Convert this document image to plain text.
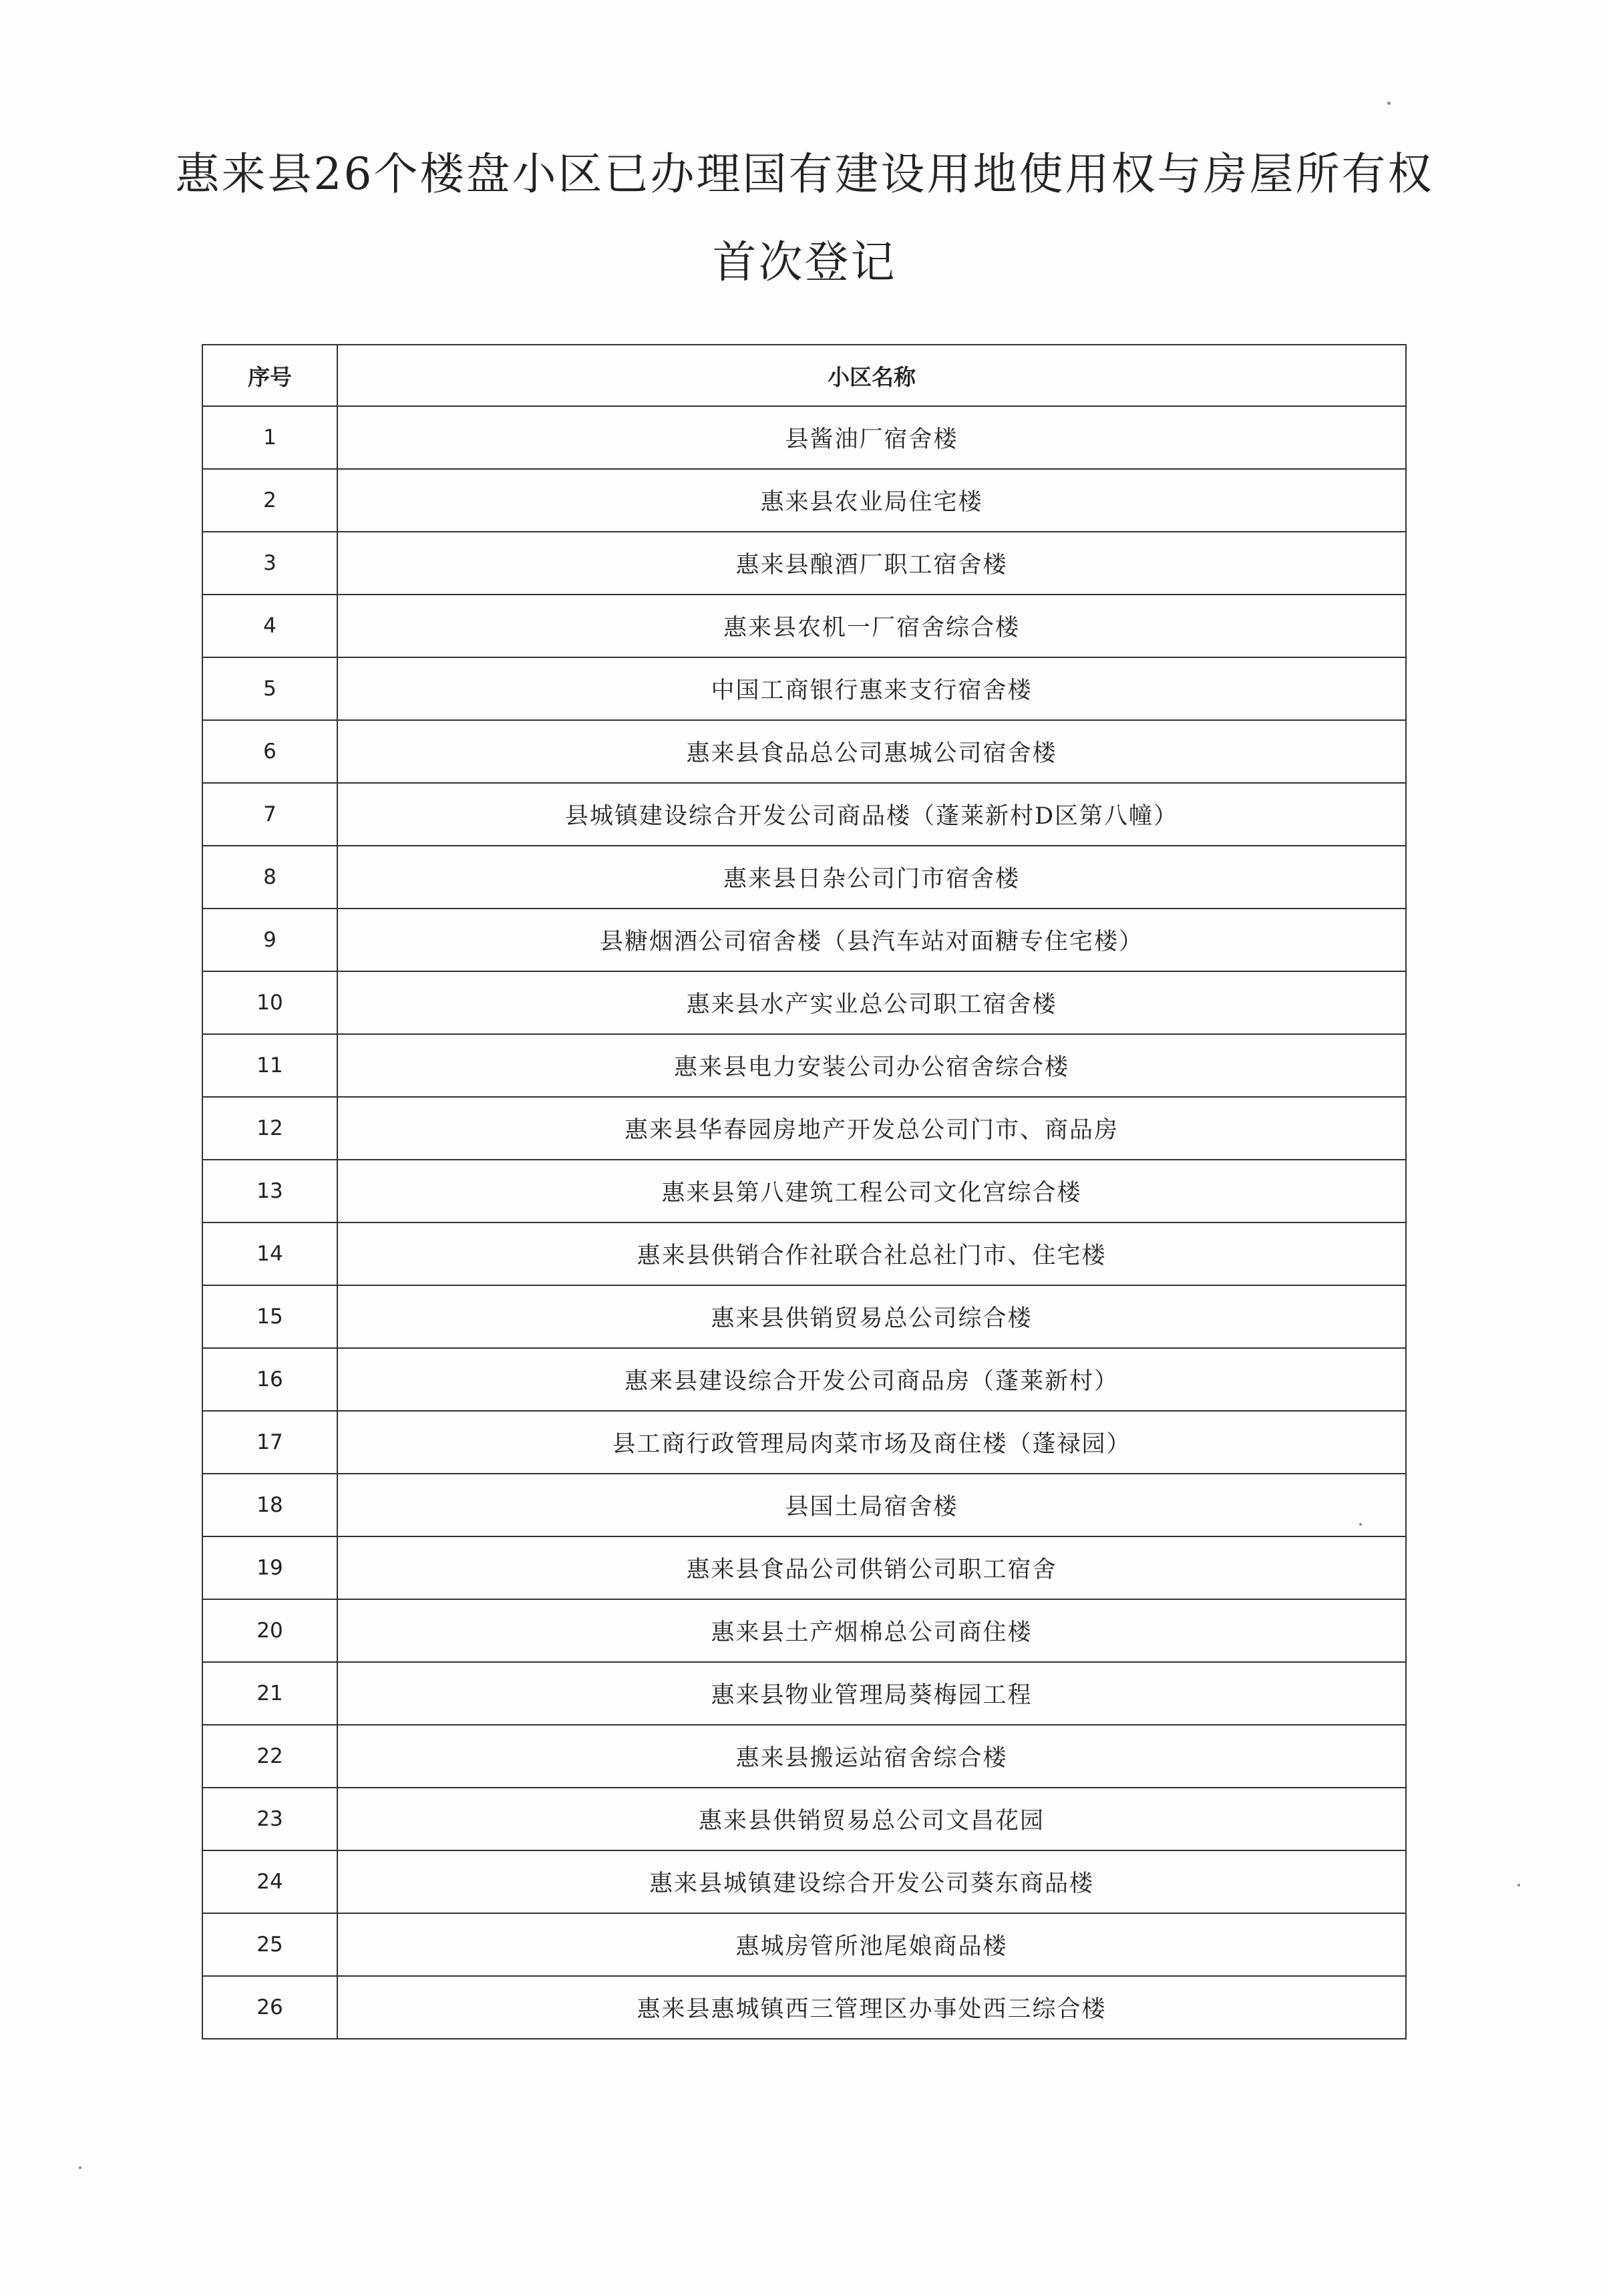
惠来县26个楼盘小区已办理国有建设用地使用权与房屋所有权
首次登记
序号	小区名称
1	县酱油厂宿舍楼
2	惠来县农业局住宅楼
3	惠来县酿酒厂职工宿舍楼
4	惠来县农机一厂宿舍综合楼
5	中国工商银行惠来支行宿舍楼
6	惠来县食品总公司惠城公司宿舍楼
7	县城镇建设综合开发公司商品楼（蓬莱新村D区第八幢）
8	惠来县日杂公司门市宿舍楼
9	县糖烟酒公司宿舍楼（县汽车站对面糖专住宅楼）
10	惠来县水产实业总公司职工宿舍楼
11	惠来县电力安装公司办公宿舍综合楼
12	惠来县华春园房地产开发总公司门市、商品房
13	惠来县第八建筑工程公司文化宫综合楼
14	惠来县供销合作社联合社总社门市、住宅楼
15	惠来县供销贸易总公司综合楼
16	惠来县建设综合开发公司商品房（蓬莱新村）
17	县工商行政管理局肉菜市场及商住楼（蓬禄园）
18	县国土局宿舍楼
19	惠来县食品公司供销公司职工宿舍
20	惠来县土产烟棉总公司商住楼
21	惠来县物业管理局葵梅园工程
22	惠来县搬运站宿舍综合楼
23	惠来县供销贸易总公司文昌花园
24	惠来县城镇建设综合开发公司葵东商品楼
25	惠城房管所池尾娘商品楼
26	惠来县惠城镇西三管理区办事处西三综合楼
